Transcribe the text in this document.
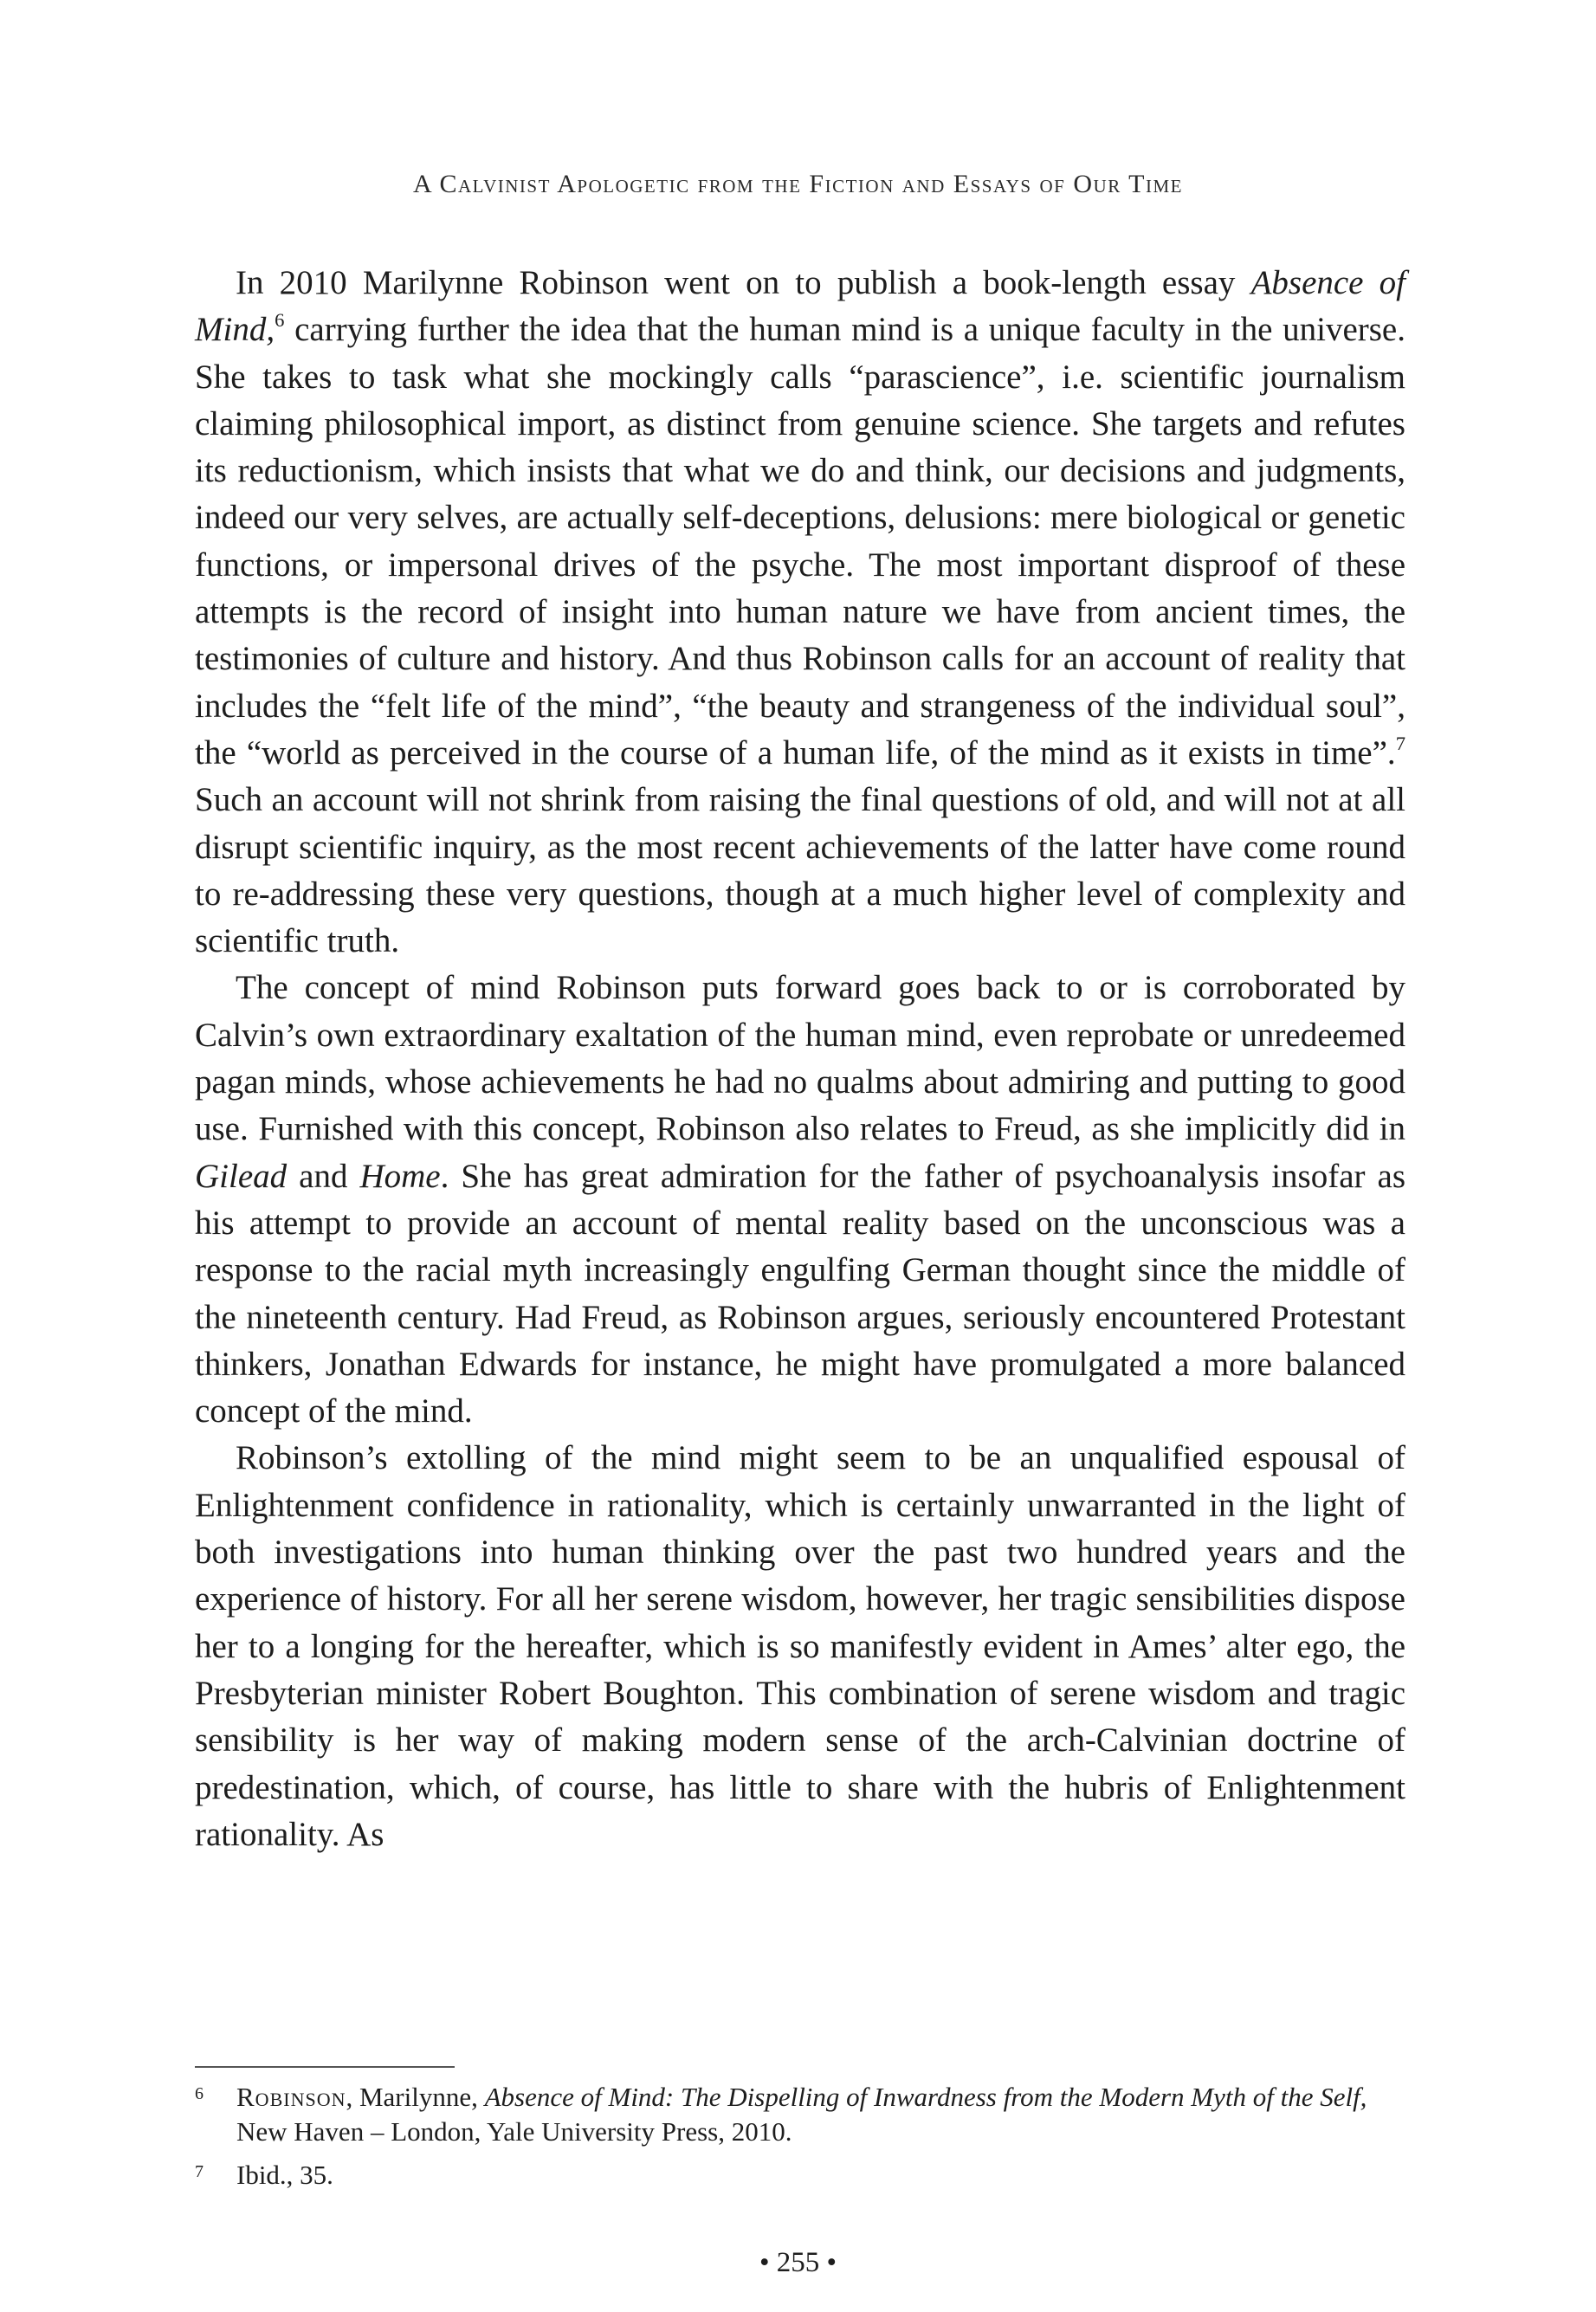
A Calvinist Apologetic from the Fiction and Essays of Our Time

In 2010 Marilynne Robinson went on to publish a book-length essay Absence of Mind,$^6$ carrying further the idea that the human mind is a unique faculty in the universe. She takes to task what she mockingly calls “parascience”, i.e. scientific journalism claiming philosophical import, as distinct from genuine science. She targets and refutes its reductionism, which insists that what we do and think, our decisions and judgments, indeed our very selves, are actually self-deceptions, delusions: mere biological or genetic functions, or impersonal drives of the psyche. The most important disproof of these attempts is the record of insight into human nature we have from ancient times, the testimonies of culture and history. And thus Robinson calls for an account of reality that includes the “felt life of the mind”, “the beauty and strangeness of the individual soul”, the “world as perceived in the course of a human life, of the mind as it exists in time”.$^7$ Such an account will not shrink from raising the final questions of old, and will not at all disrupt scientific inquiry, as the most recent achievements of the latter have come round to re-addressing these very questions, though at a much higher level of complexity and scientific truth.

The concept of mind Robinson puts forward goes back to or is corroborated by Calvin’s own extraordinary exaltation of the human mind, even reprobate or unredeemed pagan minds, whose achievements he had no qualms about admiring and putting to good use. Furnished with this concept, Robinson also relates to Freud, as she implicitly did in Gilead and Home. She has great admiration for the father of psychoanalysis insofar as his attempt to provide an account of mental reality based on the unconscious was a response to the racial myth increasingly engulfing German thought since the middle of the nineteenth century. Had Freud, as Robinson argues, seriously encountered Protestant thinkers, Jonathan Edwards for instance, he might have promulgated a more balanced concept of the mind.

Robinson’s extolling of the mind might seem to be an unqualified espousal of Enlightenment confidence in rationality, which is certainly unwarranted in the light of both investigations into human thinking over the past two hundred years and the experience of history. For all her serene wisdom, however, her tragic sensibilities dispose her to a longing for the hereafter, which is so manifestly evident in Ames’ alter ego, the Presbyterian minister Robert Boughton. This combination of serene wisdom and tragic sensibility is her way of making modern sense of the arch-Calvinian doctrine of predestination, which, of course, has little to share with the hubris of Enlightenment rationality. As

6 Robinson, Marilynne, Absence of Mind: The Dispelling of Inwardness from the Modern Myth of the Self, New Haven – London, Yale University Press, 2010.
7 Ibid., 35.
• 255 •
